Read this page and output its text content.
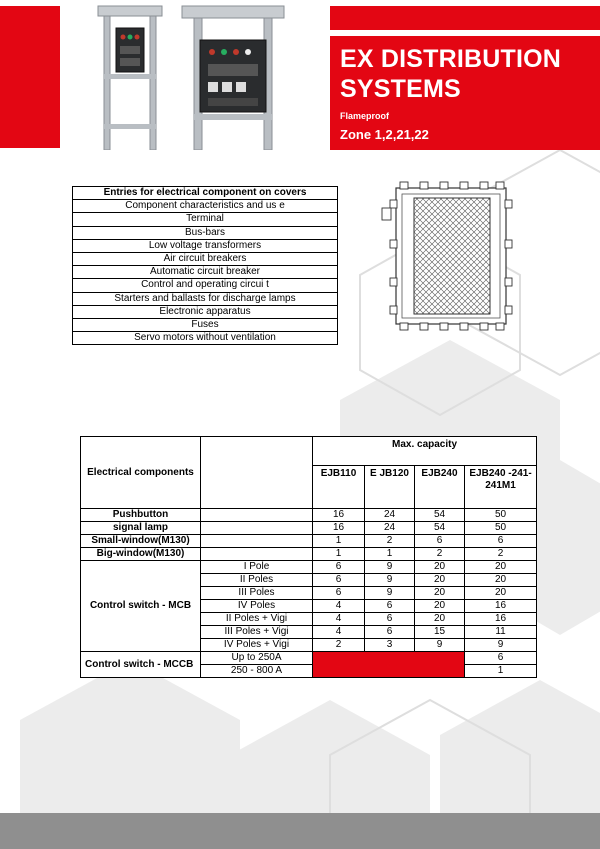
EX DISTRIBUTION SYSTEMS
Flameproof
Zone 1,2,21,22
Entries for electrical component on covers
Component characteristics and us e
Terminal
Bus-bars
Low voltage transformers
Air circuit breakers
Automatic circuit breaker
Control and operating circui t
Starters and ballasts for discharge lamps
Electronic apparatus
Fuses
Servo motors without ventilation
Electrical components		Max. capacity			
		EJB110	E JB120	EJB240	EJB240 -241- 241M1
Pushbutton		16	24	54	50
signal lamp		16	24	54	50
Small-window(M130)		1	2	6	6
Big-window(M130)		1	1	2	2
Control switch - MCB	I Pole	6	9	20	20
	II Poles	6	9	20	20
	III Poles	6	9	20	20
	IV Poles	4	6	20	16
	II Poles + Vigi	4	6	20	16
	III Poles + Vigi	4	6	15	11
	IV Poles + Vigi	2	3	9	9
Control switch - MCCB	Up to 250A				6
	250 - 800 A				1
